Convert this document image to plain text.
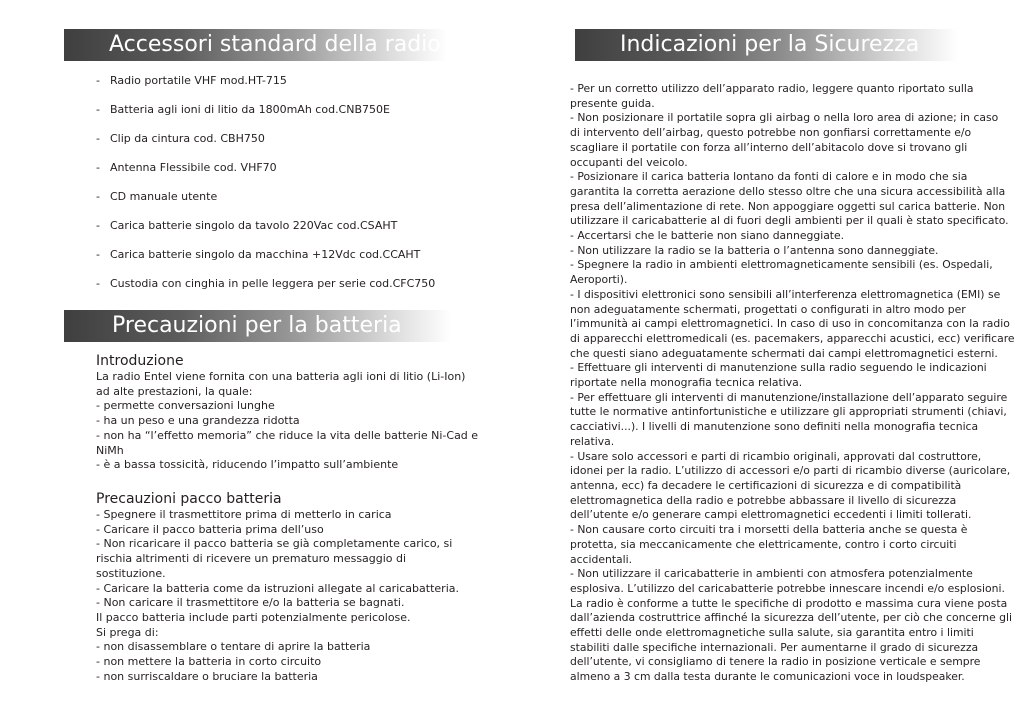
Accessori standard della radio
- Radio portatile VHF mod.HT-715
- Batteria agli ioni di litio da 1800mAh cod.CNB750E
- Clip da cintura cod. CBH750
- Antenna Flessibile cod. VHF70
- CD manuale utente
- Carica batterie singolo da tavolo 220Vac cod.CSAHT
- Carica batterie singolo da macchina +12Vdc cod.CCAHT
- Custodia con cinghia in pelle leggera per serie cod.CFC750
Precauzioni per la batteria
Introduzione
La radio Entel viene fornita con una batteria agli ioni di litio (Li-Ion)
ad alte prestazioni, la quale:
- permette conversazioni lunghe
- ha un peso e una grandezza ridotta
- non ha “l’effetto memoria” che riduce la vita delle batterie Ni-Cad e
NiMh
- è a bassa tossicità, riducendo l’impatto sull’ambiente
Precauzioni pacco batteria
- Spegnere il trasmettitore prima di metterlo in carica
- Caricare il pacco batteria prima dell’uso
- Non ricaricare il pacco batteria se già completamente carico, si
rischia altrimenti di ricevere un prematuro messaggio di
sostituzione.
- Caricare la batteria come da istruzioni allegate al caricabatteria.
- Non caricare il trasmettitore e/o la batteria se bagnati.
Il pacco batteria include parti potenzialmente pericolose.
Si prega di:
- non disassemblare o tentare di aprire la batteria
- non mettere la batteria in corto circuito
- non surriscaldare o bruciare la batteria
Indicazioni per la Sicurezza
- Per un corretto utilizzo dell’apparato radio, leggere quanto riportato sulla
presente guida.
- Non posizionare il portatile sopra gli airbag o nella loro area di azione; in caso
di intervento dell’airbag, questo potrebbe non gonfiarsi correttamente e/o
scagliare il portatile con forza all’interno dell’abitacolo dove si trovano gli
occupanti del veicolo.
- Posizionare il carica batteria lontano da fonti di calore e in modo che sia
garantita la corretta aerazione dello stesso oltre che una sicura accessibilità alla
presa dell’alimentazione di rete. Non appoggiare oggetti sul carica batterie. Non
utilizzare il caricabatterie al di fuori degli ambienti per il quali è stato specificato.
- Accertarsi che le batterie non siano danneggiate.
- Non utilizzare la radio se la batteria o l’antenna sono danneggiate.
- Spegnere la radio in ambienti elettromagneticamente sensibili (es. Ospedali,
Aeroporti).
- I dispositivi elettronici sono sensibili all’interferenza elettromagnetica (EMI) se
non adeguatamente schermati, progettati o configurati in altro modo per
l’immunità ai campi elettromagnetici. In caso di uso in concomitanza con la radio
di apparecchi elettromedicali (es. pacemakers, apparecchi acustici, ecc) verificare
che questi siano adeguatamente schermati dai campi elettromagnetici esterni.
- Effettuare gli interventi di manutenzione sulla radio seguendo le indicazioni
riportate nella monografia tecnica relativa.
- Per effettuare gli interventi di manutenzione/installazione dell’apparato seguire
tutte le normative antinfortunistiche e utilizzare gli appropriati strumenti (chiavi,
cacciativi...). I livelli di manutenzione sono definiti nella monografia tecnica
relativa.
- Usare solo accessori e parti di ricambio originali, approvati dal costruttore,
idonei per la radio. L’utilizzo di accessori e/o parti di ricambio diverse (auricolare,
antenna, ecc) fa decadere le certificazioni di sicurezza e di compatibilità
elettromagnetica della radio e potrebbe abbassare il livello di sicurezza
dell’utente e/o generare campi elettromagnetici eccedenti i limiti tollerati.
- Non causare corto circuiti tra i morsetti della batteria anche se questa è
protetta, sia meccanicamente che elettricamente, contro i corto circuiti
accidentali.
- Non utilizzare il caricabatterie in ambienti con atmosfera potenzialmente
esplosiva. L’utilizzo del caricabatterie potrebbe innescare incendi e/o esplosioni.
La radio è conforme a tutte le specifiche di prodotto e massima cura viene posta
dall’azienda costruttrice affinché la sicurezza dell’utente, per ciò che concerne gli
effetti delle onde elettromagnetiche sulla salute, sia garantita entro i limiti
stabiliti dalle specifiche internazionali. Per aumentarne il grado di sicurezza
dell’utente, vi consigliamo di tenere la radio in posizione verticale e sempre
almeno a 3 cm dalla testa durante le comunicazioni voce in loudspeaker.
